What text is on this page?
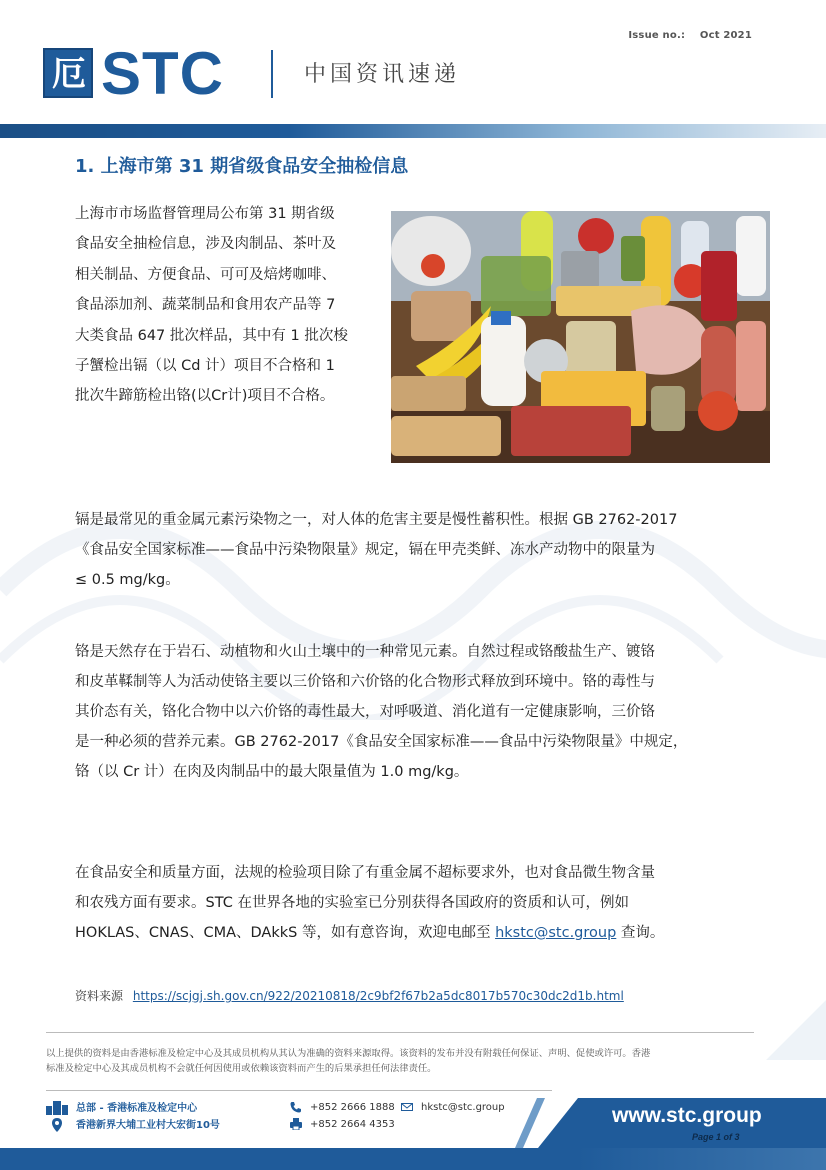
Issue no.: Oct 2021
厄 STC	中国资讯速递
1. 上海市第 31 期省级食品安全抽检信息
上海市市场监督管理局公布第 31 期省级
食品安全抽检信息，涉及肉制品、茶叶及
相关制品、方便食品、可可及焙烤咖啡、
食品添加剂、蔬菜制品和食用农产品等 7
大类食品 647 批次样品，其中有 1 批次梭
子蟹检出镉（以 Cd 计）项目不合格和 1
批次牛蹄筋检出铬(以Cr计)项目不合格。
镉是最常见的重金属元素污染物之一，对人体的危害主要是慢性蓄积性。根据 GB 2762-2017
《食品安全国家标准——食品中污染物限量》规定，镉在甲壳类鲜、冻水产动物中的限量为
≤ 0.5 mg/kg。
铬是天然存在于岩石、动植物和火山土壤中的一种常见元素。自然过程或铬酸盐生产、镀铬
和皮革鞣制等人为活动使铬主要以三价铬和六价铬的化合物形式释放到环境中。铬的毒性与
其价态有关，铬化合物中以六价铬的毒性最大，对呼吸道、消化道有一定健康影响，三价铬
是一种必须的营养元素。GB 2762-2017《食品安全国家标准——食品中污染物限量》中规定，
铬（以 Cr 计）在肉及肉制品中的最大限量值为 1.0 mg/kg。
在食品安全和质量方面，法规的检验项目除了有重金属不超标要求外，也对食品微生物含量
和农残方面有要求。STC 在世界各地的实验室已分别获得各国政府的资质和认可，例如
HOKLAS、CNAS、CMA、DAkkS 等，如有意咨询，欢迎电邮至 hkstc@stc.group 查询。
资料来源 https://scjgj.sh.gov.cn/922/20210818/2c9bf2f67b2a5dc8017b570c30dc2d1b.html
以上提供的资料是由香港标准及检定中心及其成员机构从其认为准确的资料来源取得。该资料的发布并没有附载任何保证、声明、促使或许可。香港
标准及检定中心及其成员机构不会就任何因使用或依赖该资料而产生的后果承担任何法律责任。
总部 - 香港标准及检定中心
香港新界大埔工业村大宏街10号
+852 2666 1888
+852 2664 4353
hkstc@stc.group	www.stc.group
Page 1 of 3
